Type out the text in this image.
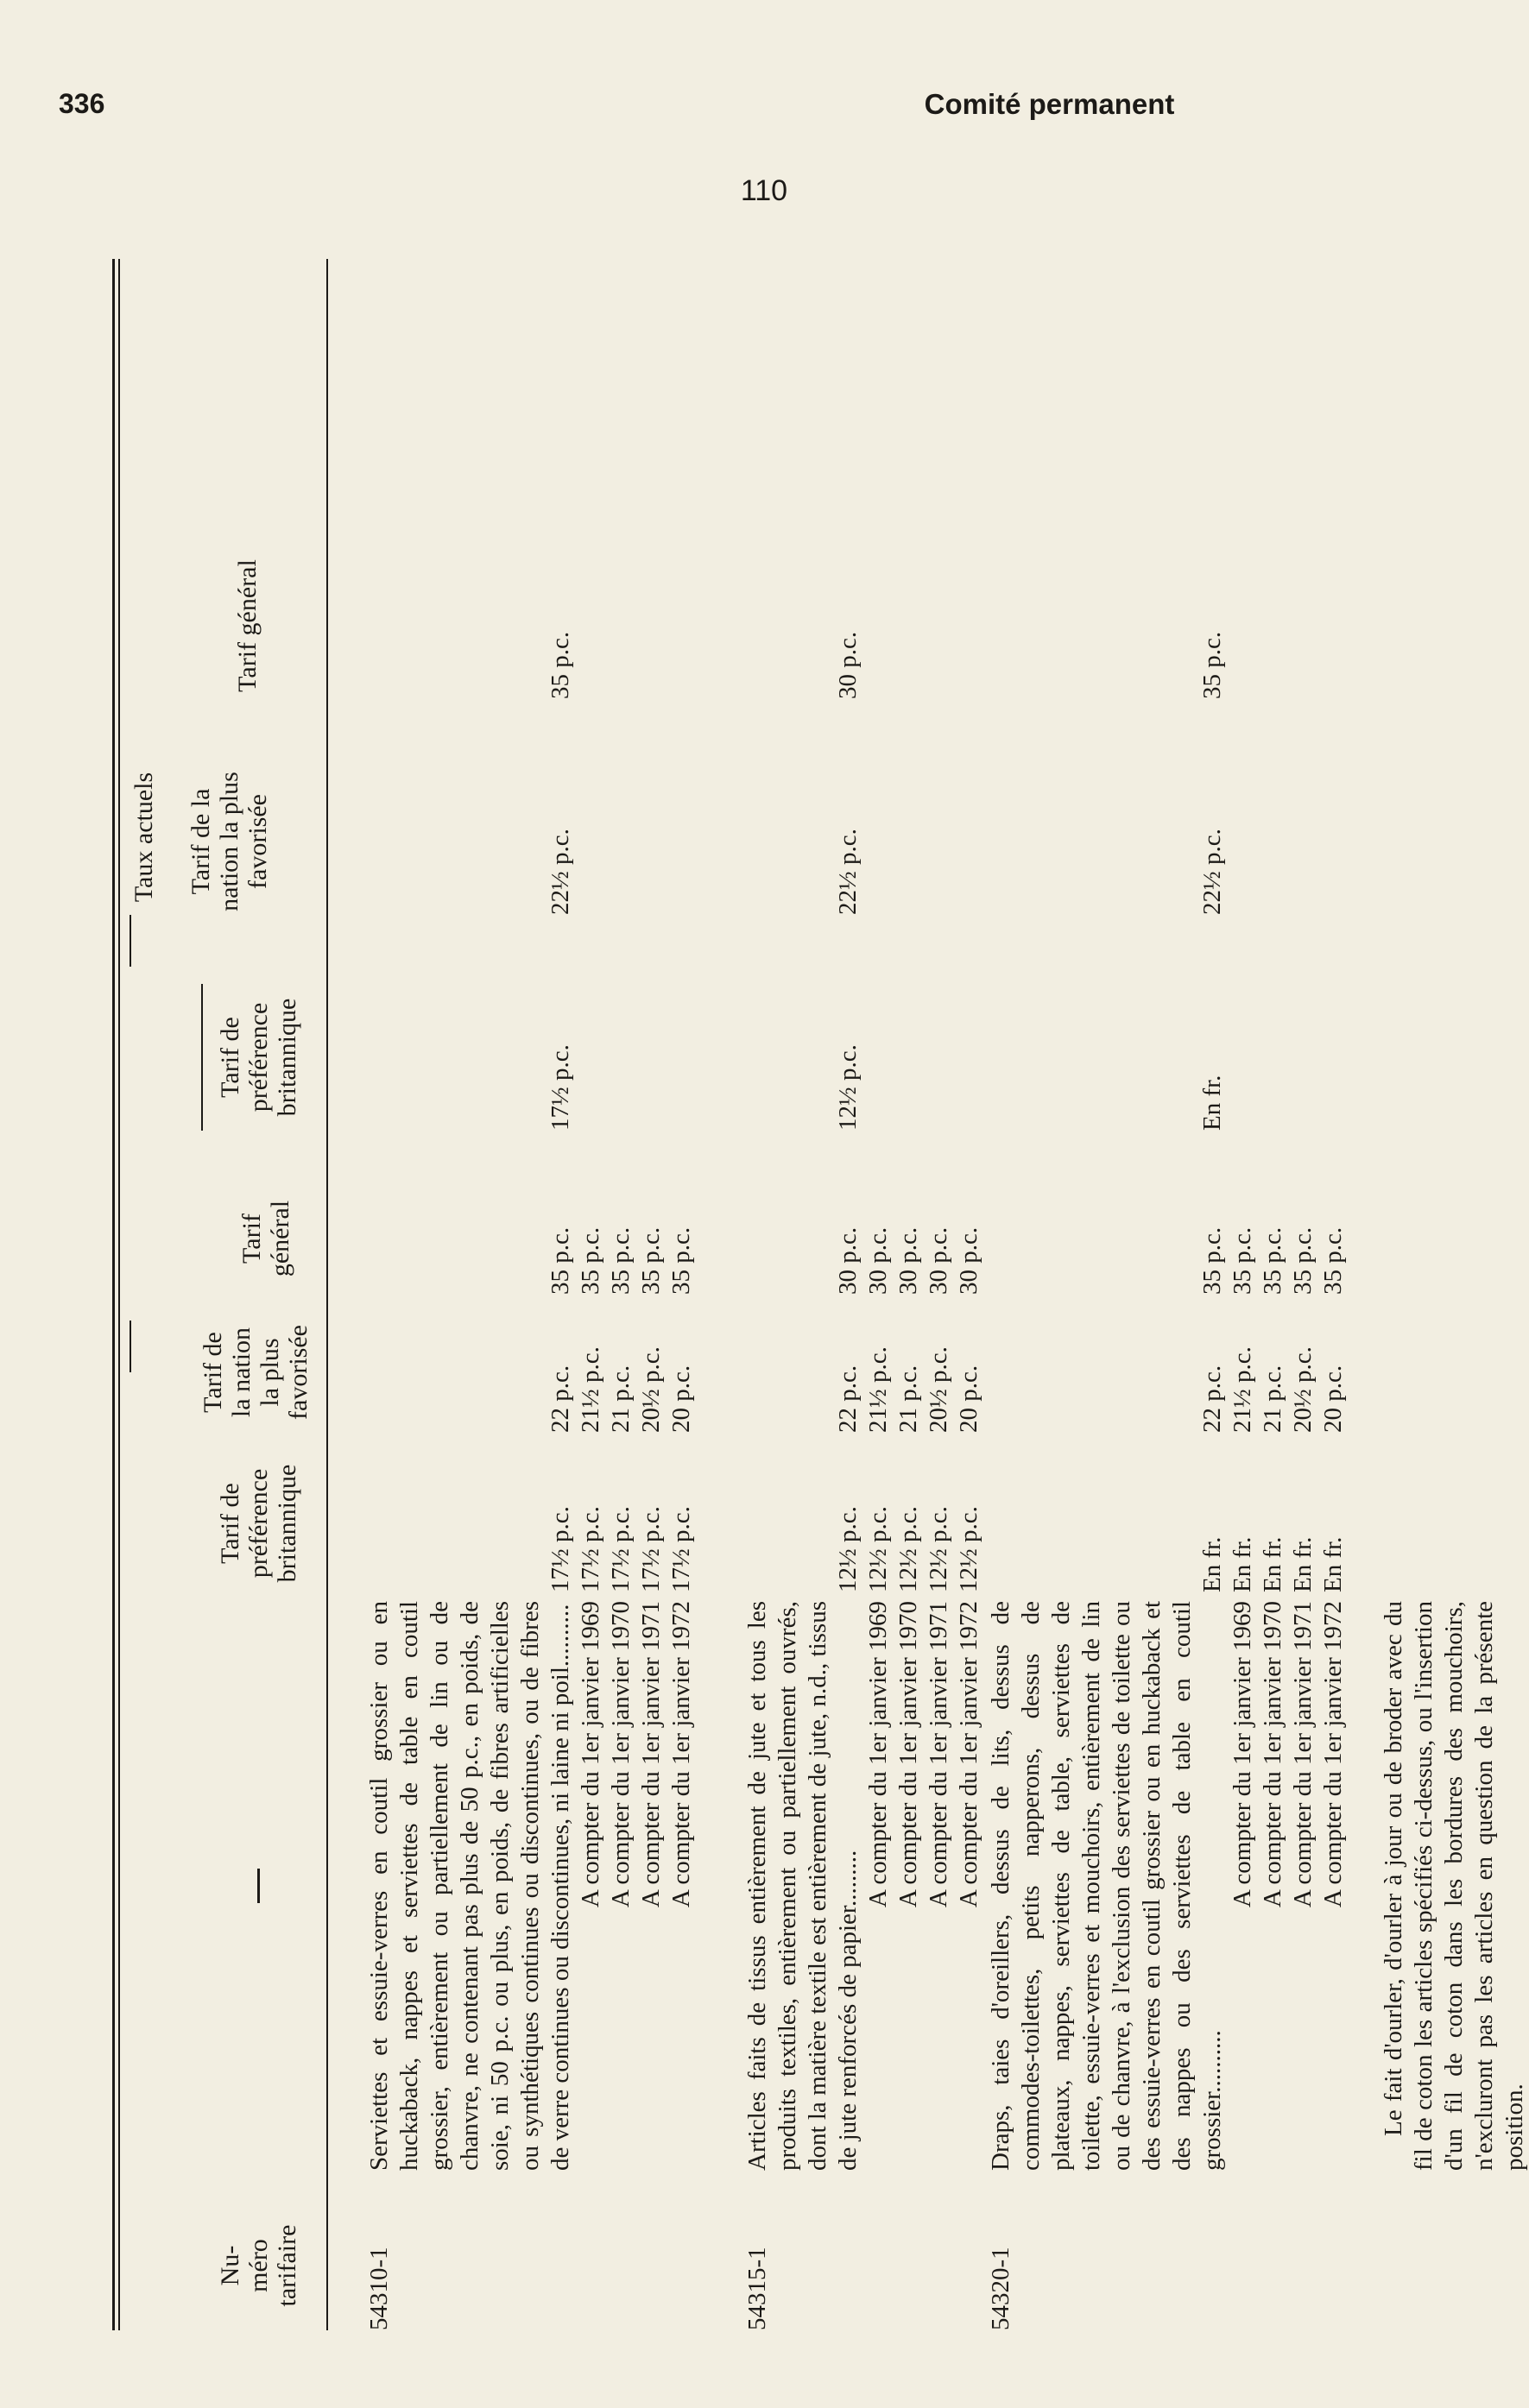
336	Comité permanent
110
Nu-
méro
tarifaire
Tarif de
préférence
britannique
Tarif de
la nation
la plus
favorisée
Tarif
général
Taux actuels
Tarif de
préférence
britannique
Tarif de la
nation la plus
favorisée
Tarif général
54310-1
Serviettes et essuie-verres en coutil grossier ou en huckaback, nappes et serviettes de table en coutil grossier, entièrement ou partiellement de lin ou de chanvre, ne contenant pas plus de 50 p.c., en poids, de soie, ni 50 p.c. ou plus, en poids, de fibres artificielles ou synthétiques continues ou discontinues, ou de fibres de verre continues ou discontinues, ni laine ni poil.......... A compter du 1er janvier 1969 A compter du 1er janvier 1970 A compter du 1er janvier 1971 A compter du 1er janvier 1972
17½ p.c. 17½ p.c. 17½ p.c. 17½ p.c. 17½ p.c.
22 p.c. 21½ p.c. 21 p.c. 20½ p.c. 20 p.c.
35 p.c. 35 p.c. 35 p.c. 35 p.c. 35 p.c.
17½ p.c.
22½ p.c.
35 p.c.
54315-1
Articles faits de tissus entièrement de jute et tous les produits textiles, entièrement ou partiellement ouvrés, dont la matière textile est entièrement de jute, n.d., tissus de jute renforcés de papier.........
A compter du 1er janvier 1969 A compter du 1er janvier 1970 A compter du 1er janvier 1971 A compter du 1er janvier 1972
12½ p.c. 12½ p.c. 12½ p.c. 12½ p.c. 12½ p.c.
22 p.c. 21½ p.c. 21 p.c. 20½ p.c. 20 p.c.
30 p.c. 30 p.c. 30 p.c. 30 p.c. 30 p.c.
12½ p.c.
22½ p.c.
30 p.c.
54320-1
Draps, taies d'oreillers, dessus de lits, dessus de commodes-toilettes, petits napperons, dessus de plateaux, nappes, serviettes de table, serviettes de toilette, essuie-verres et mouchoirs, entièrement de lin ou de chanvre, à l'exclusion des serviettes de toilette ou des essuie-verres en coutil grossier ou en huckaback et des nappes ou des serviettes de table en coutil grossier..........
A compter du 1er janvier 1969 A compter du 1er janvier 1970 A compter du 1er janvier 1971 A compter du 1er janvier 1972
En fr. En fr. En fr. En fr. En fr.
22 p.c. 21½ p.c. 21 p.c. 20½ p.c. 20 p.c.
35 p.c. 35 p.c. 35 p.c. 35 p.c. 35 p.c.
En fr.
22½ p.c.
35 p.c.
Le fait d'ourler, d'ourler à jour ou de broder avec du fil de coton les articles spécifiés ci-dessus, ou l'insertion d'un fil de coton dans les bordures des mouchoirs, n'excluront pas les articles en question de la présente position.
